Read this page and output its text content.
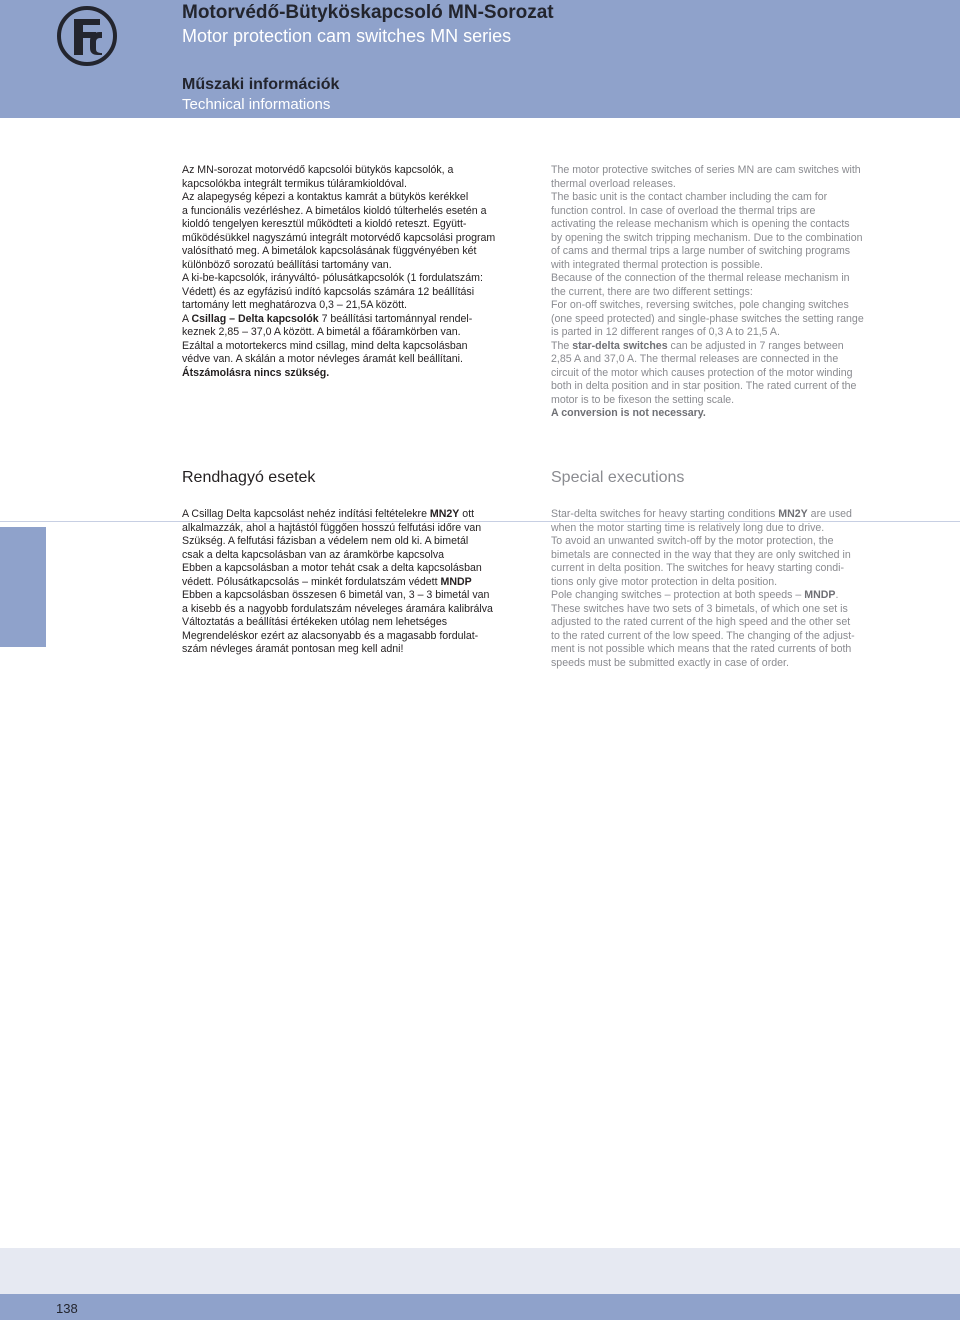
Motorvédő-Bütyköskapcsoló MN-Sorozat
Motor protection cam switches MN series
Műszaki információk
Technical informations

Az MN-sorozat motorvédő kapcsolói bütykös kapcsolók, a

kapcsolókba integrált termikus túláramkioldóval.

Az alapegység képezi a kontaktus kamrát a bütykös kerékkel

a funcionális vezérléshez. A bimetálos kioldó túlterhelés esetén a

kioldó tengelyen keresztül működteti a kioldó reteszt. Együtt-

működésükkel nagyszámú integrált motorvédő kapcsolási program

valósítható meg. A bimetálok kapcsolásának függvényében két

különböző sorozatú beállítási tartomány van.

A ki-be-kapcsolók, irányváltó- pólusátkapcsolók (1 fordulatszám:

Védett) és az egyfázisú indító kapcsolás számára 12 beállítási

tartomány lett meghatározva 0,3 – 21,5A között.

A Csillag – Delta kapcsolók 7 beállítási tartománnyal rendel-

keznek 2,85 – 37,0 A között. A bimetál a főáramkörben van.

Ezáltal a motortekercs mind csillag, mind delta kapcsolásban

védve van. A skálán a motor névleges áramát kell beállítani.

Átszámolásra nincs szükség.

The motor protective switches of series MN are cam switches with

thermal overload releases.

The basic unit is the contact chamber including the cam for

function control. In case of overload the thermal trips are

activating the release mechanism which is opening the contacts

by opening the switch tripping mechanism. Due to the combination

of cams and thermal trips a large number of switching programs

with integrated thermal protection is possible.

Because of the connection of the thermal release mechanism in

the current, there are two different settings:

For on-off switches, reversing switches, pole changing switches

(one speed protected) and single-phase switches the setting range

is parted in 12 different ranges of 0,3 A to 21,5 A.

The star-delta switches can be adjusted in 7 ranges between

2,85 A and 37,0 A. The thermal releases are connected in the

circuit of the motor which causes protection of the motor winding

both in delta position and in star position. The rated current of the

motor is to be fixeson the setting scale.

A conversion is not necessary.

Rendhagyó esetek	Special executions

A Csillag Delta kapcsolást nehéz indítási feltételekre MN2Y ott

alkalmazzák, ahol a hajtástól függően hosszú felfutási időre van

Szükség. A felfutási fázisban a védelem nem old ki. A bimetál

csak a delta kapcsolásban van az áramkörbe kapcsolva

Ebben a kapcsolásban a motor tehát csak a delta kapcsolásban

védett. Pólusátkapcsolás – minkét fordulatszám védett MNDP

Ebben a kapcsolásban összesen 6 bimetál van, 3 – 3 bimetál van

a kisebb és a nagyobb fordulatszám néveleges áramára kalibrálva

Változtatás a beállítási értékeken utólag nem lehetséges

Megrendeléskor ezért az alacsonyabb és a magasabb fordulat-

szám névleges áramát pontosan meg kell adni!

Star-delta switches for heavy starting conditions MN2Y are used

when the motor starting time is relatively long due to drive.

To avoid an unwanted switch-off by the motor protection, the

bimetals are connected in the way that they are only switched in

current in delta position. The switches for heavy starting condi-

tions only give motor protection in delta position.

Pole changing switches – protection at both speeds – MNDP.

These switches have two sets of 3 bimetals, of which one set is

adjusted to the rated current of the high speed and the other set

to the rated current of the low speed. The changing of the adjust-

ment is not possible which means that the rated currents of both

speeds must be submitted exactly in case of order.

138
